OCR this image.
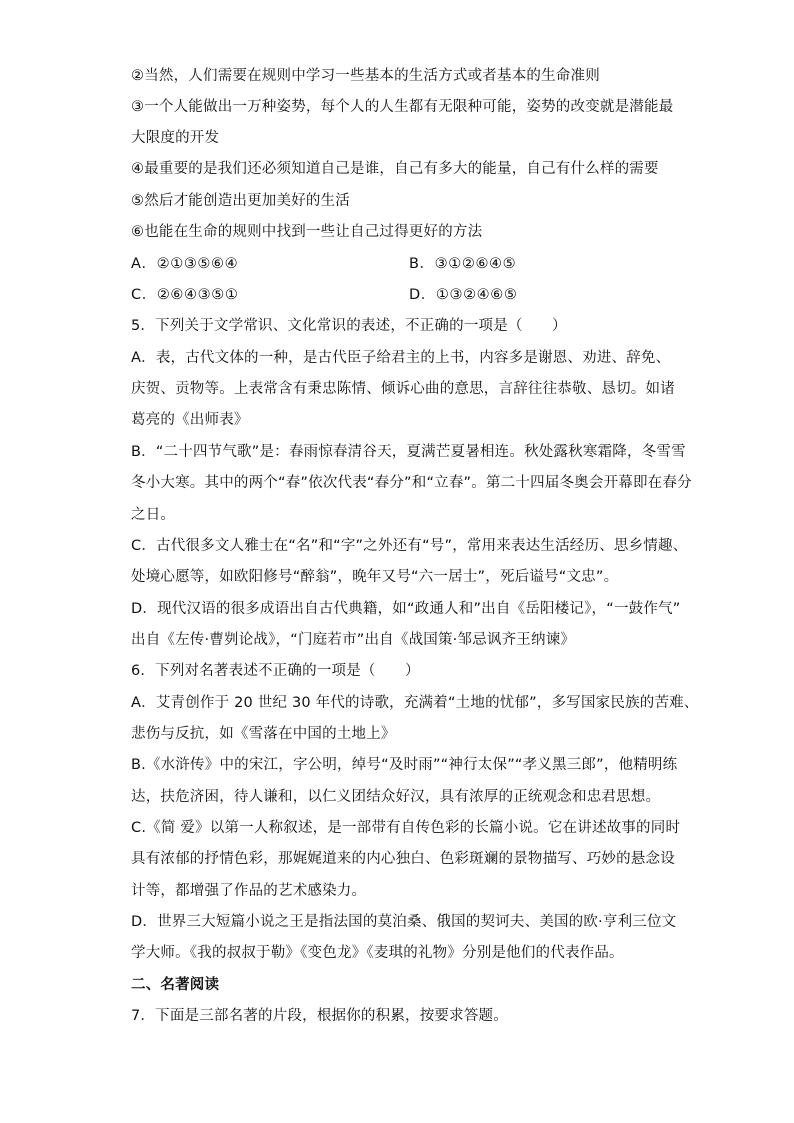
②当然，人们需要在规则中学习一些基本的生活方式或者基本的生命准则
③一个人能做出一万种姿势，每个人的人生都有无限种可能，姿势的改变就是潜能最
大限度的开发
④最重要的是我们还必须知道自己是谁，自己有多大的能量，自己有什么样的需要
⑤然后才能创造出更加美好的生活
⑥也能在生命的规则中找到一些让自己过得更好的方法
A．②①③⑤⑥④	B．③①②⑥④⑤
C．②⑥④③⑤①	D．①③②④⑥⑤
5．下列关于文学常识、文化常识的表述，不正确的一项是（　　）
A．表，古代文体的一种，是古代臣子给君主的上书，内容多是谢恩、劝进、辞免、
庆贺、贡物等。上表常含有秉忠陈情、倾诉心曲的意思，言辞往往恭敬、恳切。如诸
葛亮的《出师表》
B．“二十四节气歌”是：春雨惊春清谷天，夏满芒夏暑相连。秋处露秋寒霜降，冬雪雪
冬小大寒。其中的两个“春”依次代表“春分”和“立春”。第二十四届冬奥会开幕即在春分
之日。
C．古代很多文人雅士在“名”和“字”之外还有“号”，常用来表达生活经历、思乡情趣、
处境心愿等，如欧阳修号“醉翁”，晚年又号“六一居士”，死后谥号“文忠”。
D．现代汉语的很多成语出自古代典籍，如“政通人和”出自《岳阳楼记》，“一鼓作气”
出自《左传·曹刿论战》，“门庭若市”出自《战国策·邹忌讽齐王纳谏》
6．下列对名著表述不正确的一项是（　　）
A．艾青创作于 20 世纪 30 年代的诗歌，充满着“土地的忧郁”，多写国家民族的苦难、
悲伤与反抗，如《雪落在中国的土地上》
B.《水浒传》中的宋江，字公明，绰号“及时雨”“神行太保”“孝义黑三郎”，他精明练
达，扶危济困，待人谦和，以仁义团结众好汉，具有浓厚的正统观念和忠君思想。
C.《简 爱》以第一人称叙述，是一部带有自传色彩的长篇小说。它在讲述故事的同时
具有浓郁的抒情色彩，那娓娓道来的内心独白、色彩斑斓的景物描写、巧妙的悬念设
计等，都增强了作品的艺术感染力。
D．世界三大短篇小说之王是指法国的莫泊桑、俄国的契诃夫、美国的欧·亨利三位文
学大师。《我的叔叔于勒》《变色龙》《麦琪的礼物》分别是他们的代表作品。
二、名著阅读
7．下面是三部名著的片段，根据你的积累，按要求答题。
